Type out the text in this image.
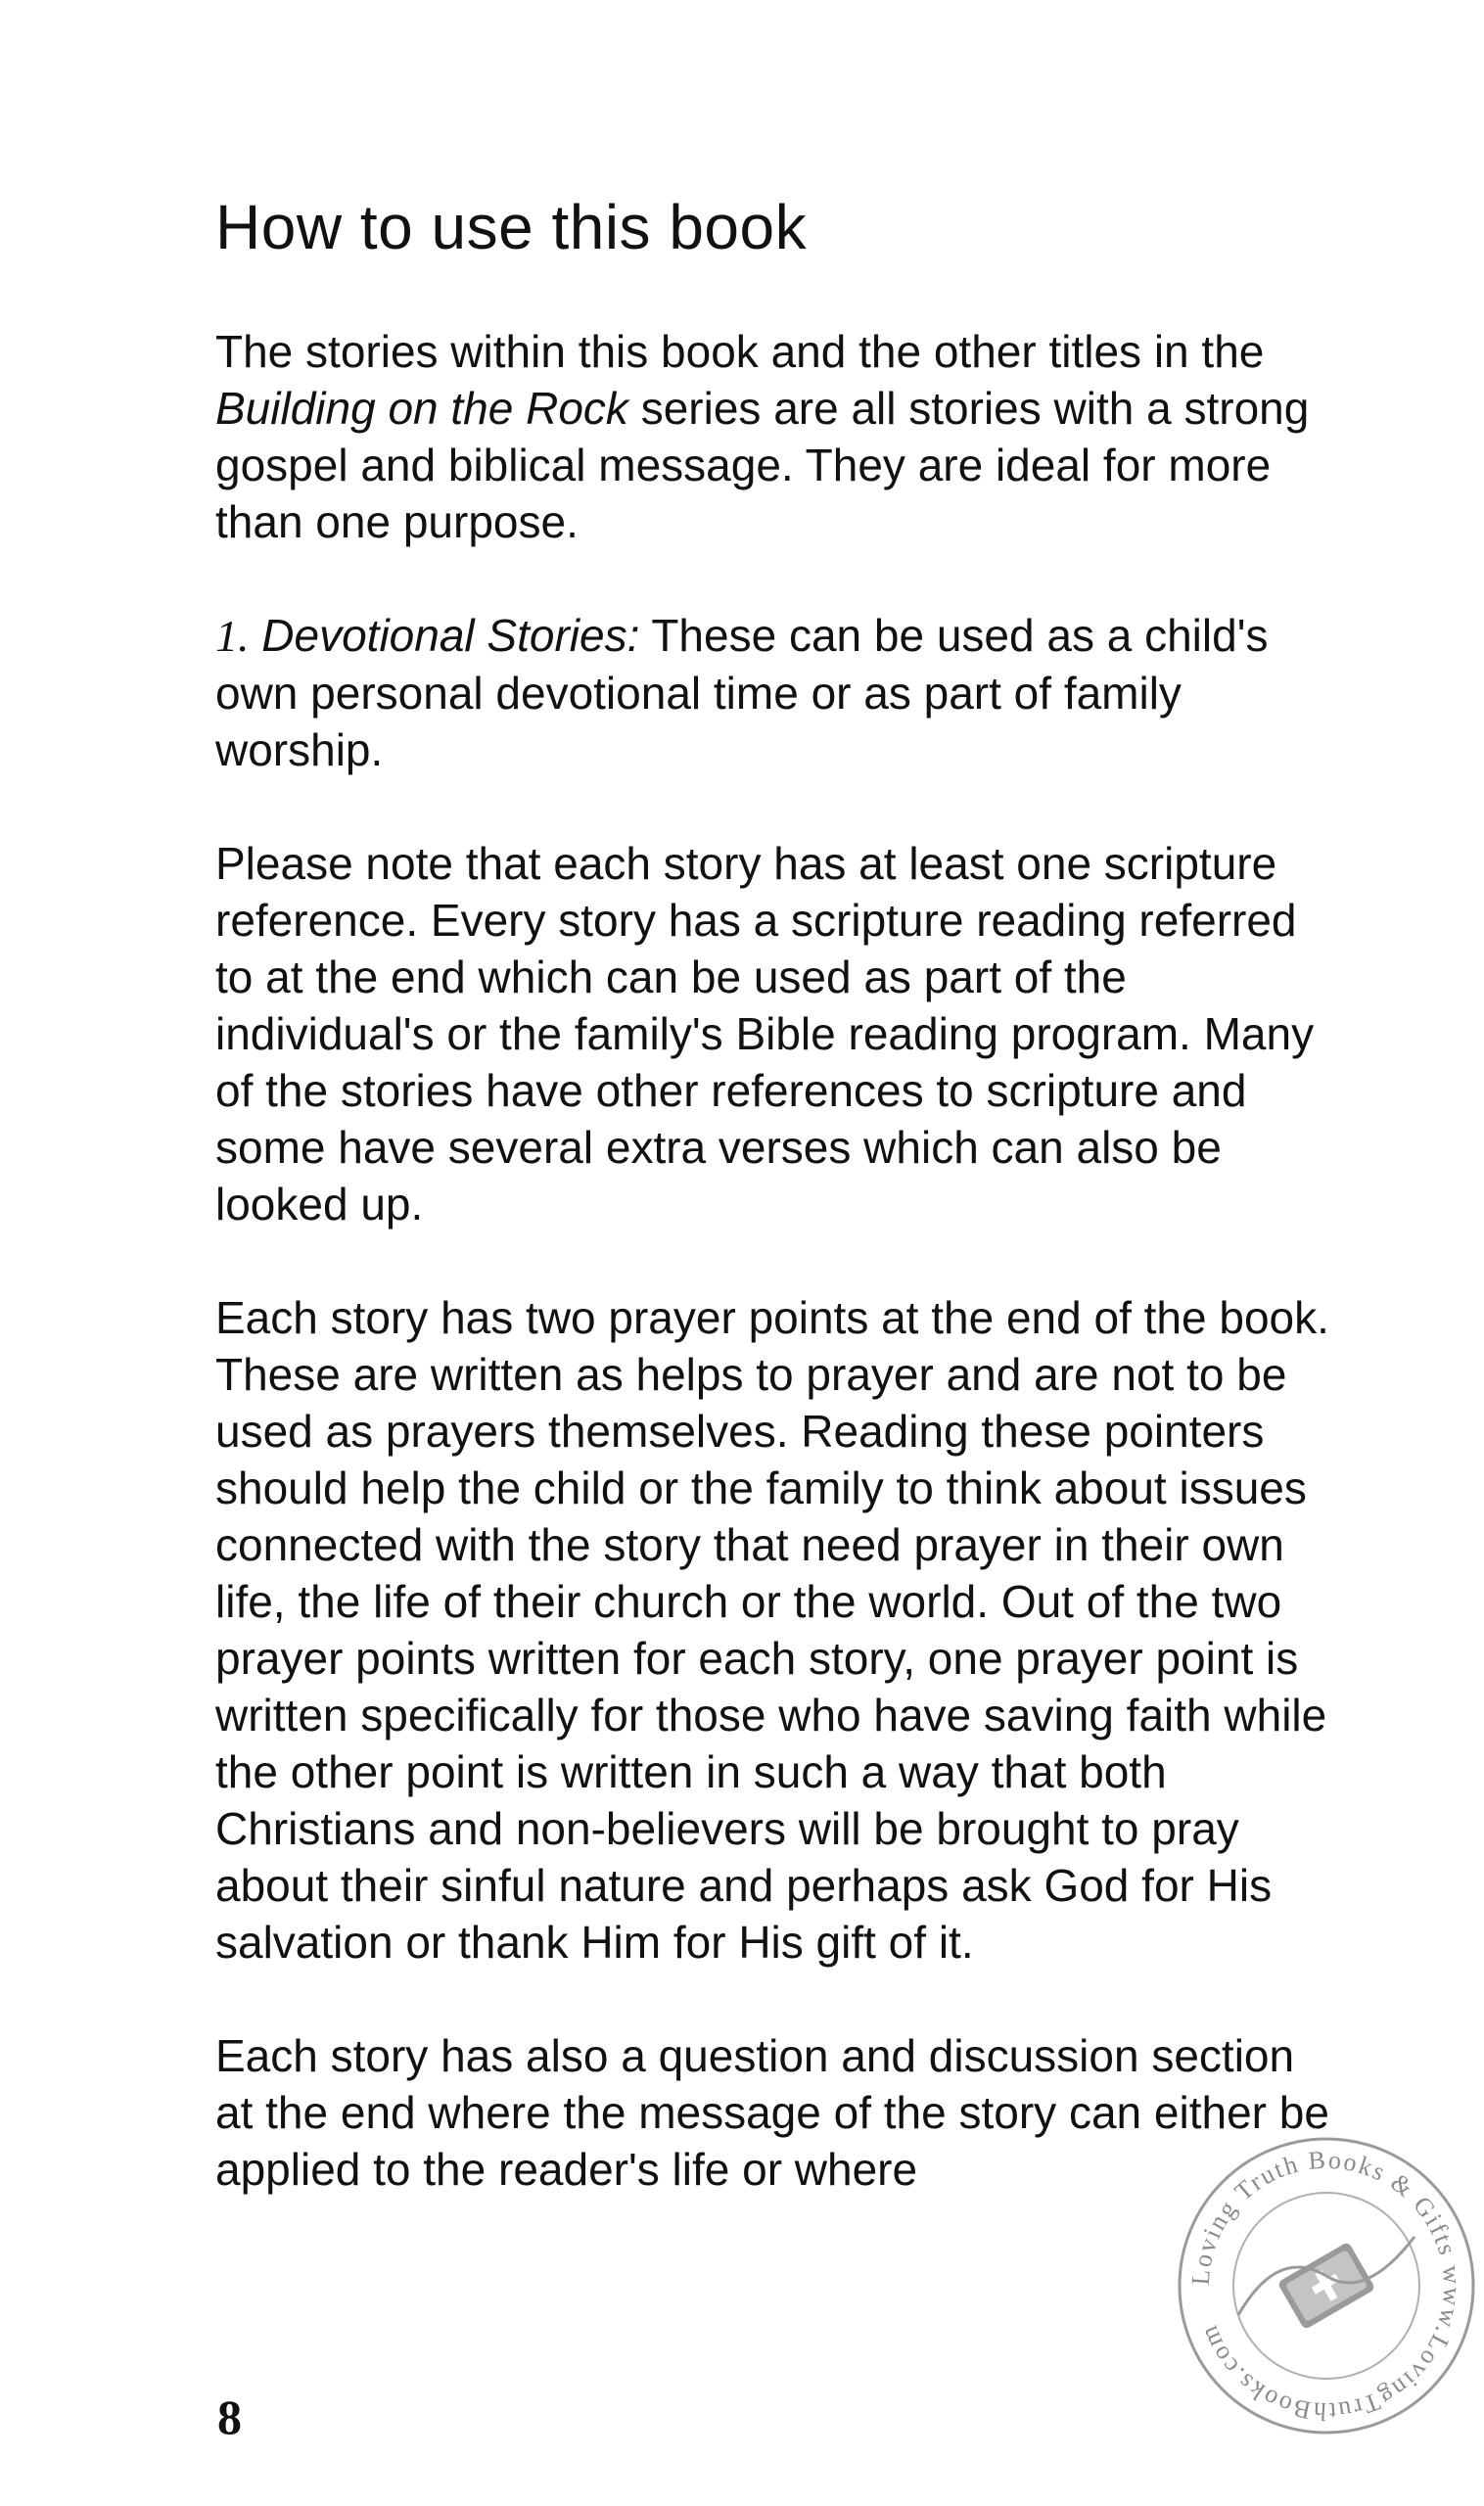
How to use this book

The stories within this book and the other titles in the Building on the Rock series are all stories with a strong gospel and biblical message. They are ideal for more than one purpose.

1. Devotional Stories: These can be used as a child's own personal devotional time or as part of family worship.

Please note that each story has at least one scripture reference. Every story has a scripture reading referred to at the end which can be used as part of the individual's or the family's Bible reading program. Many of the stories have other references to scripture and some have several extra verses which can also be looked up.

Each story has two prayer points at the end of the book. These are written as helps to prayer and are not to be used as prayers themselves. Reading these pointers should help the child or the family to think about issues connected with the story that need prayer in their own life, the life of their church or the world. Out of the two prayer points written for each story, one prayer point is written specifically for those who have saving faith while the other point is written in such a way that both Christians and non-believers will be brought to pray about their sinful nature and perhaps ask God for His salvation or thank Him for His gift of it.

Each story has also a question and discussion section at the end where the message of the story can either be applied to the reader's life or where

8
Loving Truth Books & Gifts www.LovingTruthBooks.com
